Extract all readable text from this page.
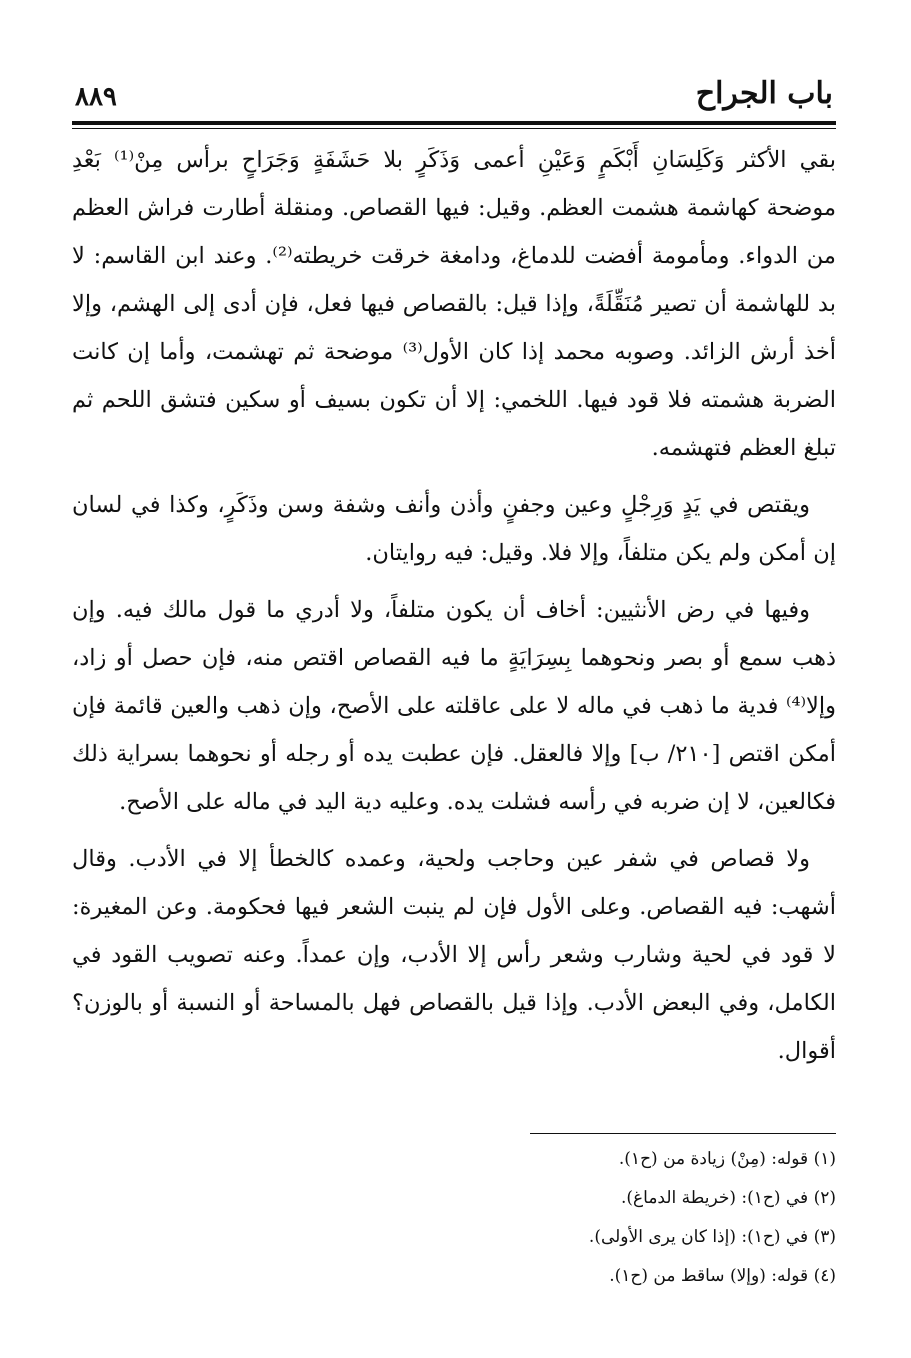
باب الجراح
٨٨٩

بقي الأكثر وَكَلِسَانِ أَبْكَمٍ وَعَيْنِ أعمى وَذَكَرٍ بلا حَشَفَةٍ وَجَرَاحٍ برأس مِنْ⁽¹⁾ بَعْدِ موضحة كهاشمة هشمت العظم. وقيل: فيها القصاص. ومنقلة أطارت فراش العظم من الدواء. ومأمومة أفضت للدماغ، ودامغة خرقت خريطته⁽²⁾. وعند ابن القاسم: لا بد للهاشمة أن تصير مُنَقِّلَةً، وإذا قيل: بالقصاص فيها فعل، فإن أدى إلى الهشم، وإلا أخذ أرش الزائد. وصوبه محمد إذا كان الأول⁽³⁾ موضحة ثم تهشمت، وأما إن كانت الضربة هشمته فلا قود فيها. اللخمي: إلا أن تكون بسيف أو سكين فتشق اللحم ثم تبلغ العظم فتهشمه.

ويقتص في يَدٍ وَرِجْلٍ وعين وجفنٍ وأذن وأنف وشفة وسن وذَكَرٍ، وكذا في لسان إن أمكن ولم يكن متلفاً، وإلا فلا. وقيل: فيه روايتان.

وفيها في رض الأنثيين: أخاف أن يكون متلفاً، ولا أدري ما قول مالك فيه. وإن ذهب سمع أو بصر ونحوهما بِسِرَايَةٍ ما فيه القصاص اقتص منه، فإن حصل أو زاد، وإلا⁽⁴⁾ فدية ما ذهب في ماله لا على عاقلته على الأصح، وإن ذهب والعين قائمة فإن أمكن اقتص [٢١٠/ ب] وإلا فالعقل. فإن عطبت يده أو رجله أو نحوهما بسراية ذلك فكالعين، لا إن ضربه في رأسه فشلت يده. وعليه دية اليد في ماله على الأصح.

ولا قصاص في شفر عين وحاجب ولحية، وعمده كالخطأ إلا في الأدب. وقال أشهب: فيه القصاص. وعلى الأول فإن لم ينبت الشعر فيها فحكومة. وعن المغيرة: لا قود في لحية وشارب وشعر رأس إلا الأدب، وإن عمداً. وعنه تصويب القود في الكامل، وفي البعض الأدب. وإذا قيل بالقصاص فهل بالمساحة أو النسبة أو بالوزن؟ أقوال.

(١) قوله: (مِنْ) زيادة من (ح١).
(٢) في (ح١): (خريطة الدماغ).
(٣) في (ح١): (إذا كان يرى الأولى).
(٤) قوله: (وإلا) ساقط من (ح١).
